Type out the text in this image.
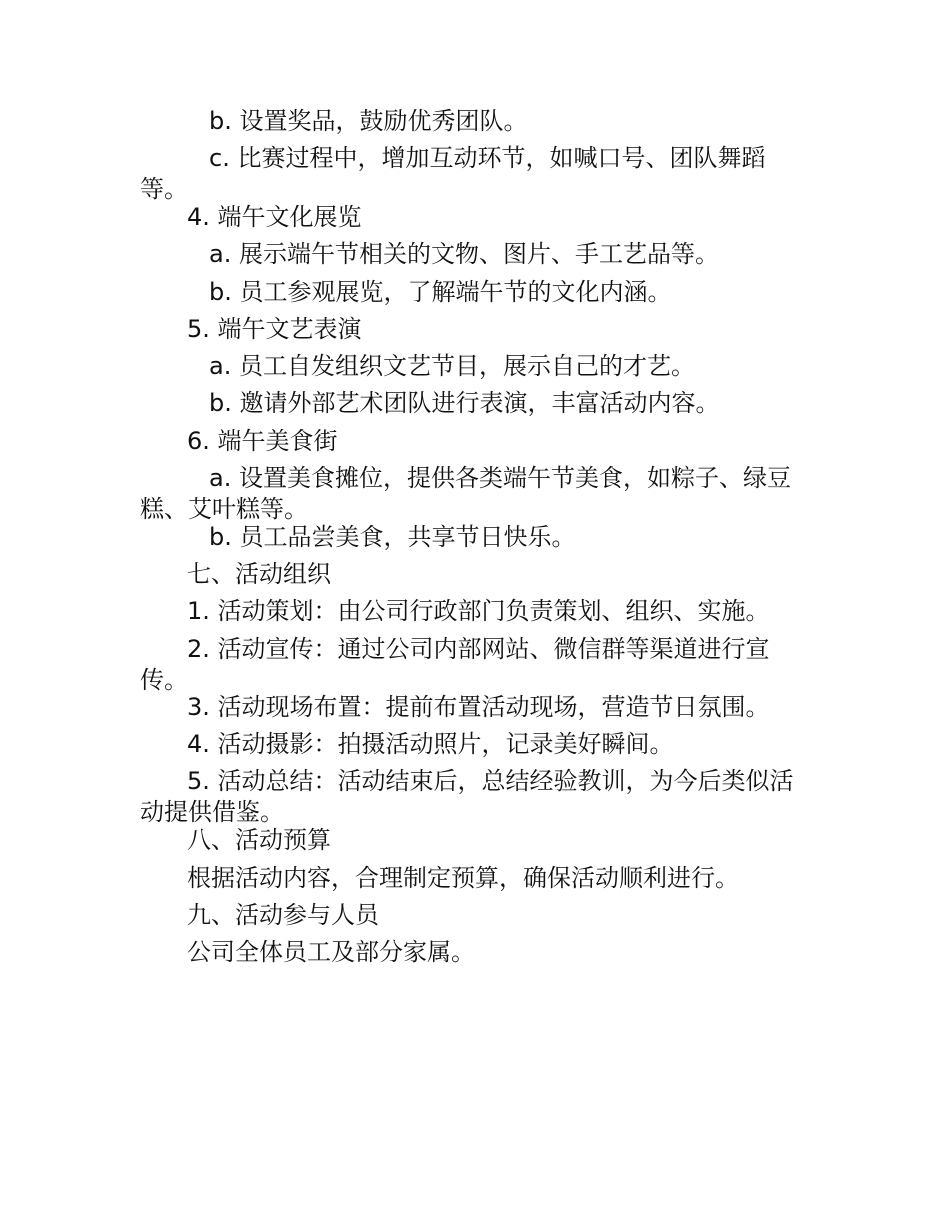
b. 设置奖品，鼓励优秀团队。
c. 比赛过程中，增加互动环节，如喊口号、团队舞蹈
等。
4. 端午文化展览
a. 展示端午节相关的文物、图片、手工艺品等。
b. 员工参观展览，了解端午节的文化内涵。
5. 端午文艺表演
a. 员工自发组织文艺节目，展示自己的才艺。
b. 邀请外部艺术团队进行表演，丰富活动内容。
6. 端午美食街
a. 设置美食摊位，提供各类端午节美食，如粽子、绿豆
糕、艾叶糕等。
b. 员工品尝美食，共享节日快乐。
七、活动组织
1. 活动策划：由公司行政部门负责策划、组织、实施。
2. 活动宣传：通过公司内部网站、微信群等渠道进行宣
传。
3. 活动现场布置：提前布置活动现场，营造节日氛围。
4. 活动摄影：拍摄活动照片，记录美好瞬间。
5. 活动总结：活动结束后，总结经验教训，为今后类似活
动提供借鉴。
八、活动预算
根据活动内容，合理制定预算，确保活动顺利进行。
九、活动参与人员
公司全体员工及部分家属。
